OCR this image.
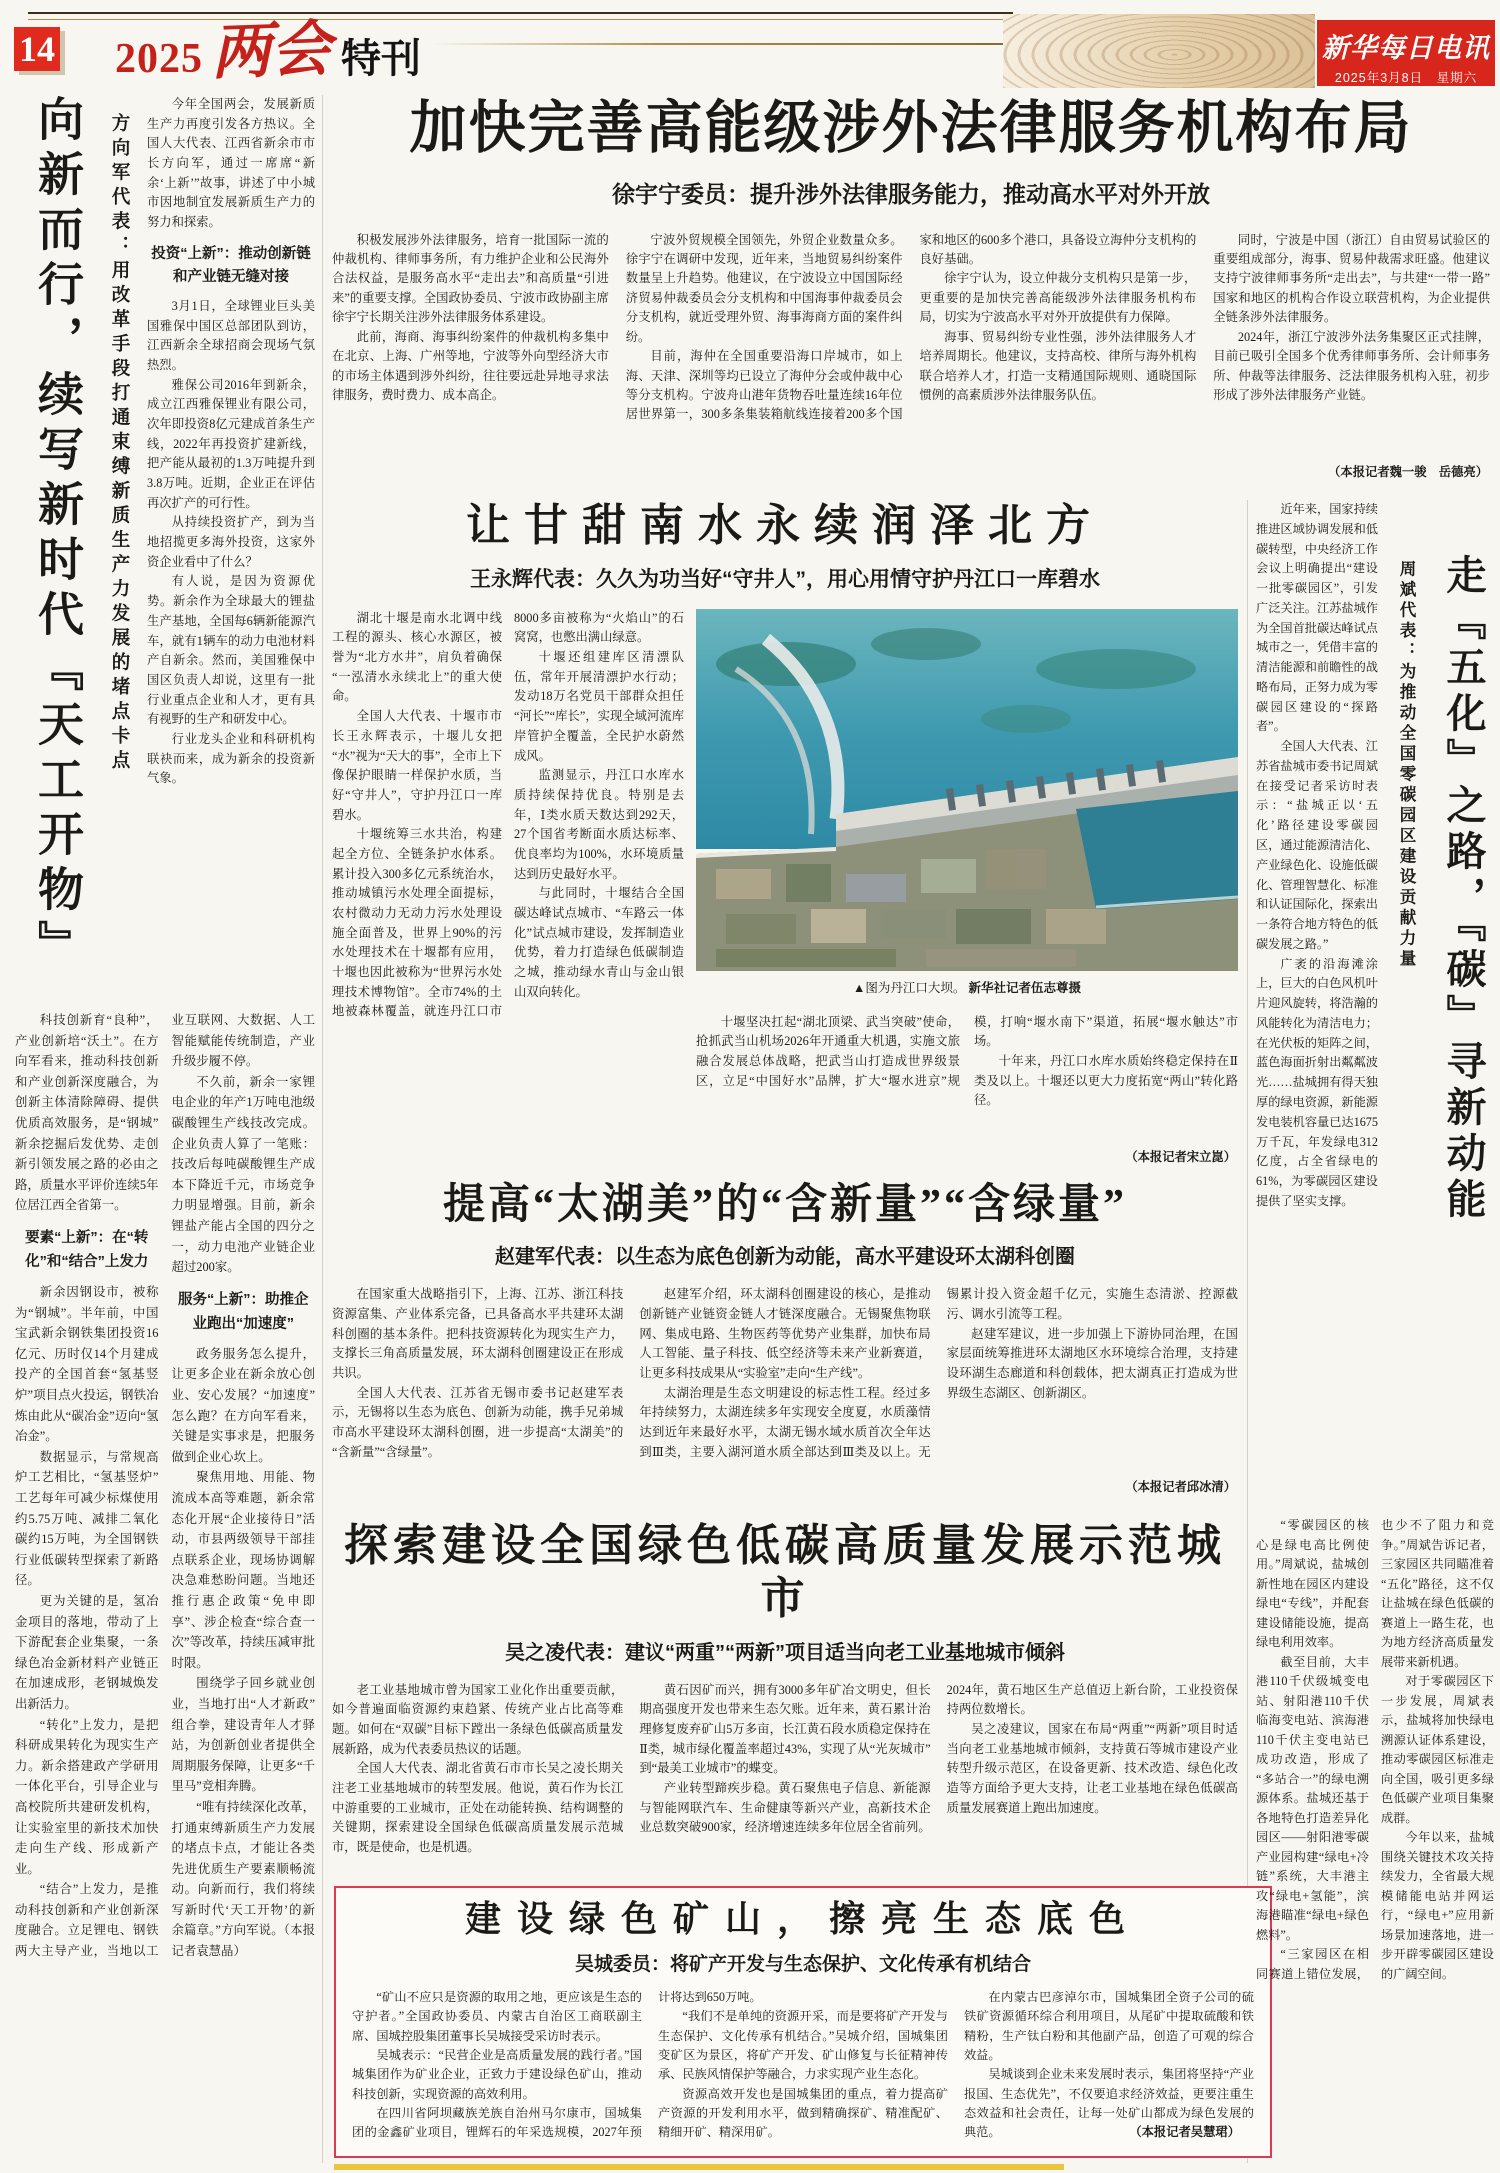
14 2025 两会 特刊	新华每日电讯
2025年3月8日　星期六
向新而行，续写新时代『天工开物』	方向军代表：用改革手段打通束缚新质生产力发展的堵点卡点

今年全国两会，发展新质生产力再度引发各方热议。全国人大代表、江西省新余市市长方向军，通过一席席“新余‘上新’”故事，讲述了中小城市因地制宜发展新质生产力的努力和探索。

投资“上新”：推动创新链和产业链无缝对接

3月1日，全球锂业巨头美国雅保中国区总部团队到访，江西新余全球招商会现场气氛热烈。

雅保公司2016年到新余，成立江西雅保锂业有限公司，次年即投资8亿元建成首条生产线，2022年再投资扩建新线，把产能从最初的1.3万吨提升到3.8万吨。近期，企业正在评估再次扩产的可行性。

从持续投资扩产，到为当地招揽更多海外投资，这家外资企业看中了什么？

有人说，是因为资源优势。新余作为全球最大的锂盐生产基地，全国每6辆新能源汽车，就有1辆车的动力电池材料产自新余。然而，美国雅保中国区负责人却说，这里有一批行业重点企业和人才，更有具有视野的生产和研发中心。

行业龙头企业和科研机构联袂而来，成为新余的投资新气象。

科技创新育“良种”，产业创新培“沃土”。在方向军看来，推动科技创新和产业创新深度融合，为创新主体清除障碍、提供优质高效服务，是“钢城”新余挖掘后发优势、走创新引领发展之路的必由之路，质量水平评价连续5年位居江西全省第一。

要素“上新”：在“转化”和“结合”上发力

新余因钢设市，被称为“钢城”。半年前，中国宝武新余钢铁集团投资16亿元、历时仅14个月建成投产的全国首套“氢基竖炉”项目点火投运，钢铁冶炼由此从“碳冶金”迈向“氢冶金”。

数据显示，与常规高炉工艺相比，“氢基竖炉”工艺每年可减少标煤使用约5.75万吨、减排二氧化碳约15万吨，为全国钢铁行业低碳转型探索了新路径。

更为关键的是，氢冶金项目的落地，带动了上下游配套企业集聚，一条绿色冶金新材料产业链正在加速成形，老钢城焕发出新活力。

“转化”上发力，是把科研成果转化为现实生产力。新余搭建政产学研用一体化平台，引导企业与高校院所共建研发机构，让实验室里的新技术加快走向生产线、形成新产业。

“结合”上发力，是推动科技创新和产业创新深度融合。立足锂电、钢铁两大主导产业，当地以工业互联网、大数据、人工智能赋能传统制造，产业升级步履不停。

不久前，新余一家锂电企业的年产1万吨电池级碳酸锂生产线技改完成。企业负责人算了一笔账：技改后每吨碳酸锂生产成本下降近千元，市场竞争力明显增强。目前，新余锂盐产能占全国的四分之一，动力电池产业链企业超过200家。

服务“上新”：助推企业跑出“加速度”

政务服务怎么提升，让更多企业在新余放心创业、安心发展？“加速度”怎么跑？在方向军看来，关键是实事求是，把服务做到企业心坎上。

聚焦用地、用能、物流成本高等难题，新余常态化开展“企业接待日”活动，市县两级领导干部挂点联系企业，现场协调解决急难愁盼问题。当地还推行惠企政策“免申即享”、涉企检查“综合查一次”等改革，持续压减审批时限。

围绕学子回乡就业创业，当地打出“人才新政”组合拳，建设青年人才驿站，为创新创业者提供全周期服务保障，让更多“千里马”竞相奔腾。

“唯有持续深化改革，打通束缚新质生产力发展的堵点卡点，才能让各类先进优质生产要素顺畅流动。向新而行，我们将续写新时代‘天工开物’的新余篇章。”方向军说。（本报记者袁慧晶）

加快完善高能级涉外法律服务机构布局
徐宇宁委员：提升涉外法律服务能力，推动高水平对外开放

积极发展涉外法律服务，培育一批国际一流的仲裁机构、律师事务所，有力维护企业和公民海外合法权益，是服务高水平“走出去”和高质量“引进来”的重要支撑。全国政协委员、宁波市政协副主席徐宇宁长期关注涉外法律服务体系建设。

此前，海商、海事纠纷案件的仲裁机构多集中在北京、上海、广州等地，宁波等外向型经济大市的市场主体遇到涉外纠纷，往往要远赴异地寻求法律服务，费时费力、成本高企。

宁波外贸规模全国领先，外贸企业数量众多。徐宇宁在调研中发现，近年来，当地贸易纠纷案件数量呈上升趋势。他建议，在宁波设立中国国际经济贸易仲裁委员会分支机构和中国海事仲裁委员会分支机构，就近受理外贸、海事海商方面的案件纠纷。

目前，海仲在全国重要沿海口岸城市，如上海、天津、深圳等均已设立了海仲分会或仲裁中心等分支机构。宁波舟山港年货物吞吐量连续16年位居世界第一，300多条集装箱航线连接着200多个国家和地区的600多个港口，具备设立海仲分支机构的良好基础。

徐宇宁认为，设立仲裁分支机构只是第一步，更重要的是加快完善高能级涉外法律服务机构布局，切实为宁波高水平对外开放提供有力保障。

海事、贸易纠纷专业性强，涉外法律服务人才培养周期长。他建议，支持高校、律所与海外机构联合培养人才，打造一支精通国际规则、通晓国际惯例的高素质涉外法律服务队伍。

同时，宁波是中国（浙江）自由贸易试验区的重要组成部分，海事、贸易仲裁需求旺盛。他建议支持宁波律师事务所“走出去”，与共建“一带一路”国家和地区的机构合作设立联营机构，为企业提供全链条涉外法律服务。

2024年，浙江宁波涉外法务集聚区正式挂牌，目前已吸引全国多个优秀律师事务所、会计师事务所、仲裁等法律服务、泛法律服务机构入驻，初步形成了涉外法律服务产业链。

（本报记者魏一骏　岳德亮）
让甘甜南水永续润泽北方
王永辉代表：久久为功当好“守井人”，用心用情守护丹江口一库碧水

湖北十堰是南水北调中线工程的源头、核心水源区，被誉为“北方水井”，肩负着确保“一泓清水永续北上”的重大使命。

全国人大代表、十堰市市长王永辉表示，十堰儿女把“水”视为“天大的事”，全市上下像保护眼睛一样保护水质，当好“守井人”，守护丹江口一库碧水。

十堰统筹三水共治，构建起全方位、全链条护水体系。累计投入300多亿元系统治水，推动城镇污水处理全面提标，农村微动力无动力污水处理设施全面普及，世界上90%的污水处理技术在十堰都有应用，十堰也因此被称为“世界污水处理技术博物馆”。全市74%的土地被森林覆盖，就连丹江口市8000多亩被称为“火焰山”的石窝窝，也憋出满山绿意。

十堰还组建库区清漂队伍，常年开展清漂护水行动；发动18万名党员干部群众担任“河长”“库长”，实现全域河流库岸管护全覆盖，全民护水蔚然成风。

监测显示，丹江口水库水质持续保持优良。特别是去年，Ⅰ类水质天数达到292天，27个国省考断面水质达标率、优良率均为100%，水环境质量达到历史最好水平。

与此同时，十堰结合全国碳达峰试点城市、“车路云一体化”试点城市建设，发挥制造业优势，着力打造绿色低碳制造之城，推动绿水青山与金山银山双向转化。	▲图为丹江口大坝。 新华社记者伍志尊摄

十堰坚决扛起“湖北顶梁、武当突破”使命，抢抓武当山机场2026年开通重大机遇，实施文旅融合发展总体战略，把武当山打造成世界级景区，立足“中国好水”品牌，扩大“堰水进京”规模，打响“堰水南下”渠道，拓展“堰水触达”市场。

十年来，丹江口水库水质始终稳定保持在Ⅱ类及以上。十堰还以更大力度拓宽“两山”转化路径。

（本报记者宋立崑）
提高“太湖美”的“含新量”“含绿量”
赵建军代表：以生态为底色创新为动能，高水平建设环太湖科创圈

在国家重大战略指引下，上海、江苏、浙江科技资源富集、产业体系完备，已具备高水平共建环太湖科创圈的基本条件。把科技资源转化为现实生产力，支撑长三角高质量发展，环太湖科创圈建设正在形成共识。

全国人大代表、江苏省无锡市委书记赵建军表示，无锡将以生态为底色、创新为动能，携手兄弟城市高水平建设环太湖科创圈，进一步提高“太湖美”的“含新量”“含绿量”。

赵建军介绍，环太湖科创圈建设的核心，是推动创新链产业链资金链人才链深度融合。无锡聚焦物联网、集成电路、生物医药等优势产业集群，加快布局人工智能、量子科技、低空经济等未来产业新赛道，让更多科技成果从“实验室”走向“生产线”。

太湖治理是生态文明建设的标志性工程。经过多年持续努力，太湖连续多年实现安全度夏，水质藻情达到近年来最好水平，太湖无锡水域水质首次全年达到Ⅲ类，主要入湖河道水质全部达到Ⅲ类及以上。无锡累计投入资金超千亿元，实施生态清淤、控源截污、调水引流等工程。

赵建军建议，进一步加强上下游协同治理，在国家层面统筹推进环太湖地区水环境综合治理，支持建设环湖生态廊道和科创载体，把太湖真正打造成为世界级生态湖区、创新湖区。

（本报记者邱冰清）
探索建设全国绿色低碳高质量发展示范城市
吴之凌代表：建议“两重”“两新”项目适当向老工业基地城市倾斜

老工业基地城市曾为国家工业化作出重要贡献，如今普遍面临资源约束趋紧、传统产业占比高等难题。如何在“双碳”目标下蹚出一条绿色低碳高质量发展新路，成为代表委员热议的话题。

全国人大代表、湖北省黄石市市长吴之凌长期关注老工业基地城市的转型发展。他说，黄石作为长江中游重要的工业城市，正处在动能转换、结构调整的关键期，探索建设全国绿色低碳高质量发展示范城市，既是使命，也是机遇。

黄石因矿而兴，拥有3000多年矿冶文明史，但长期高强度开发也带来生态欠账。近年来，黄石累计治理修复废弃矿山5万多亩，长江黄石段水质稳定保持在Ⅱ类，城市绿化覆盖率超过43%，实现了从“光灰城市”到“最美工业城市”的蝶变。

产业转型蹄疾步稳。黄石聚焦电子信息、新能源与智能网联汽车、生命健康等新兴产业，高新技术企业总数突破900家，经济增速连续多年位居全省前列。2024年，黄石地区生产总值迈上新台阶，工业投资保持两位数增长。

吴之凌建议，国家在布局“两重”“两新”项目时适当向老工业基地城市倾斜，支持黄石等城市建设产业转型升级示范区，在设备更新、技术改造、绿色化改造等方面给予更大支持，让老工业基地在绿色低碳高质量发展赛道上跑出加速度。

建设绿色矿山，擦亮生态底色
吴城委员：将矿产开发与生态保护、文化传承有机结合

“矿山不应只是资源的取用之地，更应该是生态的守护者。”全国政协委员、内蒙古自治区工商联副主席、国城控股集团董事长吴城接受采访时表示。

吴城表示：“民营企业是高质量发展的践行者。”国城集团作为矿业企业，正致力于建设绿色矿山，推动科技创新，实现资源的高效利用。

在四川省阿坝藏族羌族自治州马尔康市，国城集团的金鑫矿业项目，锂辉石的年采选规模，2027年预计将达到650万吨。

“我们不是单纯的资源开采，而是要将矿产开发与生态保护、文化传承有机结合。”吴城介绍，国城集团变矿区为景区，将矿产开发、矿山修复与长征精神传承、民族风情保护等融合，力求实现产业生态化。

资源高效开发也是国城集团的重点，着力提高矿产资源的开发利用水平，做到精确探矿、精准配矿、精细开矿、精深用矿。

在内蒙古巴彦淖尔市，国城集团全资子公司的硫铁矿资源循环综合利用项目，从尾矿中提取硫酸和铁精粉，生产钛白粉和其他副产品，创造了可观的综合效益。

吴城谈到企业未来发展时表示，集团将坚持“产业报国、生态优先”，不仅要追求经济效益，更要注重生态效益和社会责任，让每一处矿山都成为绿色发展的典范。	（本报记者吴慧珺）

近年来，国家持续推进区域协调发展和低碳转型，中央经济工作会议上明确提出“建设一批零碳园区”，引发广泛关注。江苏盐城作为全国首批碳达峰试点城市之一，凭借丰富的清洁能源和前瞻性的战略布局，正努力成为零碳园区建设的“探路者”。

全国人大代表、江苏省盐城市委书记周斌在接受记者采访时表示：“盐城正以‘五化’路径建设零碳园区，通过能源清洁化、产业绿色化、设施低碳化、管理智慧化、标准和认证国际化，探索出一条符合地方特色的低碳发展之路。”

广袤的沿海滩涂上，巨大的白色风机叶片迎风旋转，将浩瀚的风能转化为清洁电力；在光伏板的矩阵之间，蓝色海面折射出粼粼波光……盐城拥有得天独厚的绿电资源，新能源发电装机容量已达1675万千瓦，年发绿电312亿度，占全省绿电的61%，为零碳园区建设提供了坚实支撑。

周斌代表：为推动全国零碳园区建设贡献力量 走『五化』之路，『碳』寻新动能

“零碳园区的核心是绿电高比例使用。”周斌说，盐城创新性地在园区内建设绿电“专线”，并配套建设储能设施，提高绿电利用效率。

截至目前，大丰港110千伏级城变电站、射阳港110千伏临海变电站、滨海港110千伏主变电站已成功改造，形成了“多站合一”的绿电溯源体系。盐城还基于各地特色打造差异化园区——射阳港零碳产业园构建“绿电+冷链”系统，大丰港主攻“绿电+氢能”，滨海港瞄准“绿电+绿色燃料”。

“三家园区在相同赛道上错位发展，也少不了阻力和竞争。”周斌告诉记者，三家园区共同瞄准着“五化”路径，这不仅让盐城在绿色低碳的赛道上一路生花，也为地方经济高质量发展带来新机遇。

对于零碳园区下一步发展，周斌表示，盐城将加快绿电溯源认证体系建设，推动零碳园区标准走向全国，吸引更多绿色低碳产业项目集聚成群。

今年以来，盐城围绕关键技术攻关持续发力，全省最大规模储能电站并网运行，“绿电+”应用新场景加速落地，进一步开辟零碳园区建设的广阔空间。
